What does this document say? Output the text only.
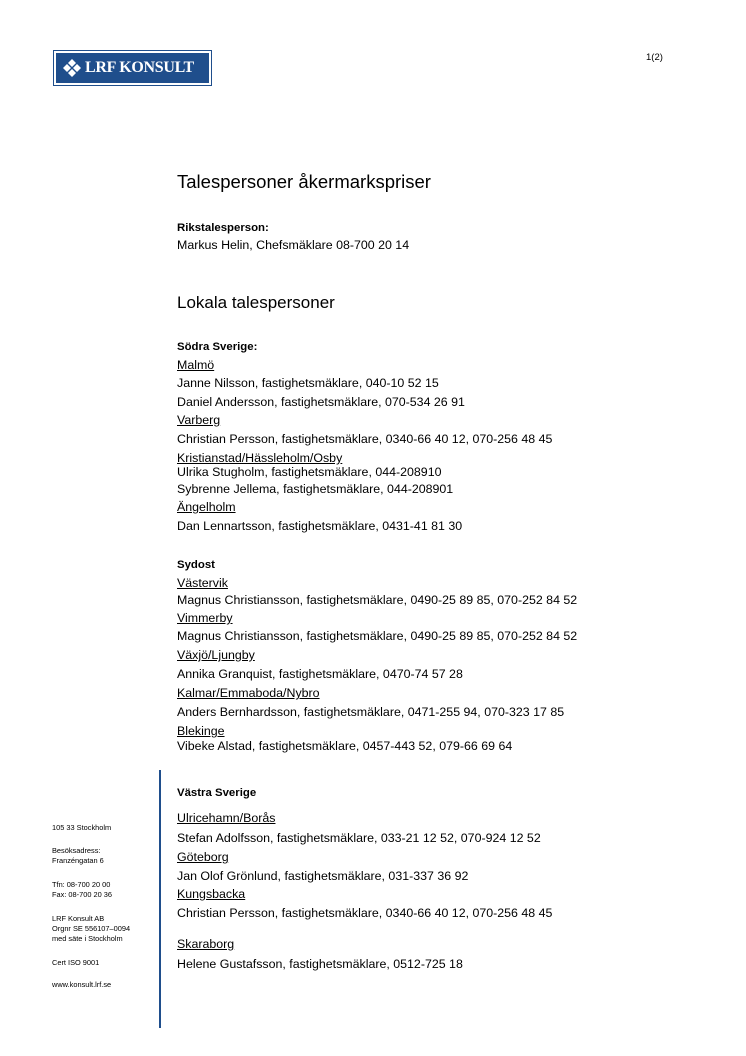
LRF KONSULT
1(2)
Talespersoner åkermarkspriser
Rikstalesperson:
Markus Helin, Chefsmäklare 08-700 20 14
Lokala talespersoner
Södra Sverige:
Malmö
Janne Nilsson, fastighetsmäklare, 040-10 52 15
Daniel Andersson, fastighetsmäklare, 070-534 26 91
Varberg
Christian Persson, fastighetsmäklare, 0340-66 40 12, 070-256 48 45
Kristianstad/Hässleholm/Osby
Ulrika Stugholm, fastighetsmäklare, 044-208910
Sybrenne Jellema, fastighetsmäklare, 044-208901
Ängelholm
Dan Lennartsson, fastighetsmäklare, 0431-41 81 30
Sydost
Västervik
Magnus Christiansson, fastighetsmäklare, 0490-25 89 85, 070-252 84 52
Vimmerby
Magnus Christiansson, fastighetsmäklare, 0490-25 89 85, 070-252 84 52
Växjö/Ljungby
Annika Granquist, fastighetsmäklare, 0470-74 57 28
Kalmar/Emmaboda/Nybro
Anders Bernhardsson, fastighetsmäklare, 0471-255 94, 070-323 17 85
Blekinge
Vibeke Alstad, fastighetsmäklare, 0457-443 52, 079-66 69 64
Västra Sverige
Ulricehamn/Borås
Stefan Adolfsson, fastighetsmäklare, 033-21 12 52, 070-924 12 52
Göteborg
Jan Olof Grönlund, fastighetsmäklare, 031-337 36 92
Kungsbacka
Christian Persson, fastighetsmäklare, 0340-66 40 12, 070-256 48 45
Skaraborg
Helene Gustafsson, fastighetsmäklare, 0512-725 18
105 33 Stockholm
Besöksadress:
Franzéngatan 6
Tfn: 08-700 20 00
Fax: 08-700 20 36
LRF Konsult AB
Orgnr SE 556107–0094
med säte i Stockholm
Cert ISO 9001
www.konsult.lrf.se
